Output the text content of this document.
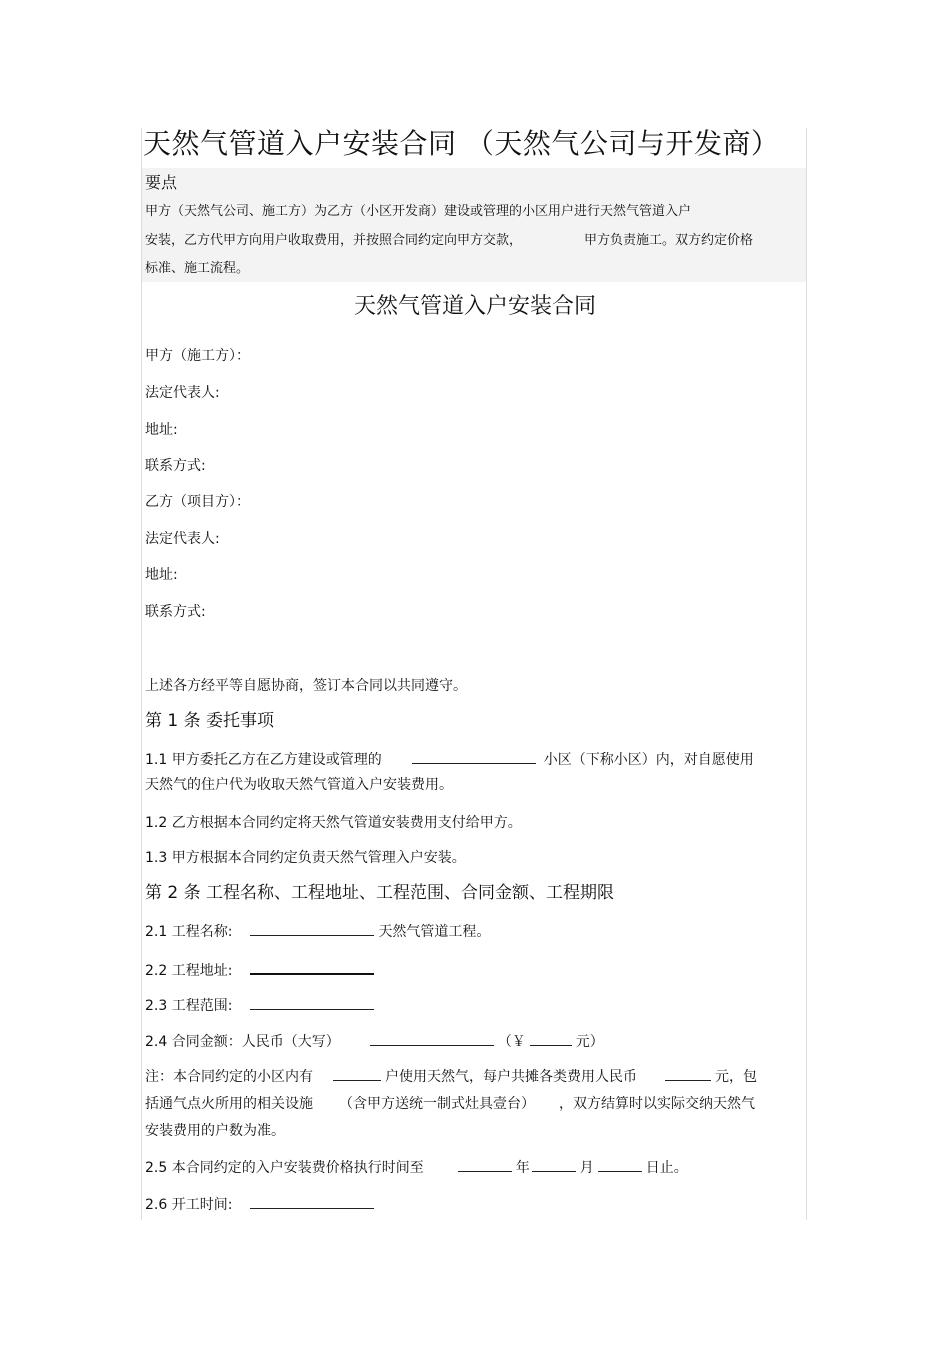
天然气管道入户安装合同 （天然气公司与开发商）
要点
甲方（天然气公司、施工方）为乙方（小区开发商）建设或管理的小区用户进行天然气管道入户
安装，乙方代甲方向用户收取费用，并按照合同约定向甲方交款，	甲方负责施工。双方约定价格
标准、施工流程。
天然气管道入户安装合同
甲方（施工方）：
法定代表人:
地址:
联系方式:
乙方（项目方）：
法定代表人:
地址:
联系方式:
上述各方经平等自愿协商，签订本合同以共同遵守。
第 1 条 委托事项
1.1 甲方委托乙方在乙方建设或管理的	小区（下称小区）内，对自愿使用
天然气的住户代为收取天然气管道入户安装费用。
1.2 乙方根据本合同约定将天然气管道安装费用支付给甲方。
1.3 甲方根据本合同约定负责天然气管理入户安装。
第 2 条 工程名称、工程地址、工程范围、合同金额、工程期限
2.1 工程名称:	天然气管道工程。
2.2 工程地址:
2.3 工程范围:
2.4 合同金额：人民币（大写）	（￥	元）
注：本合同约定的小区内有	户使用天然气，每户共摊各类费用人民币	元，包
括通气点火所用的相关设施 （含甲方送统一制式灶具壹台） ，双方结算时以实际交纳天然气
安装费用的户数为准。
2.5 本合同约定的入户安装费价格执行时间至	年	月	日止。
2.6 开工时间:
